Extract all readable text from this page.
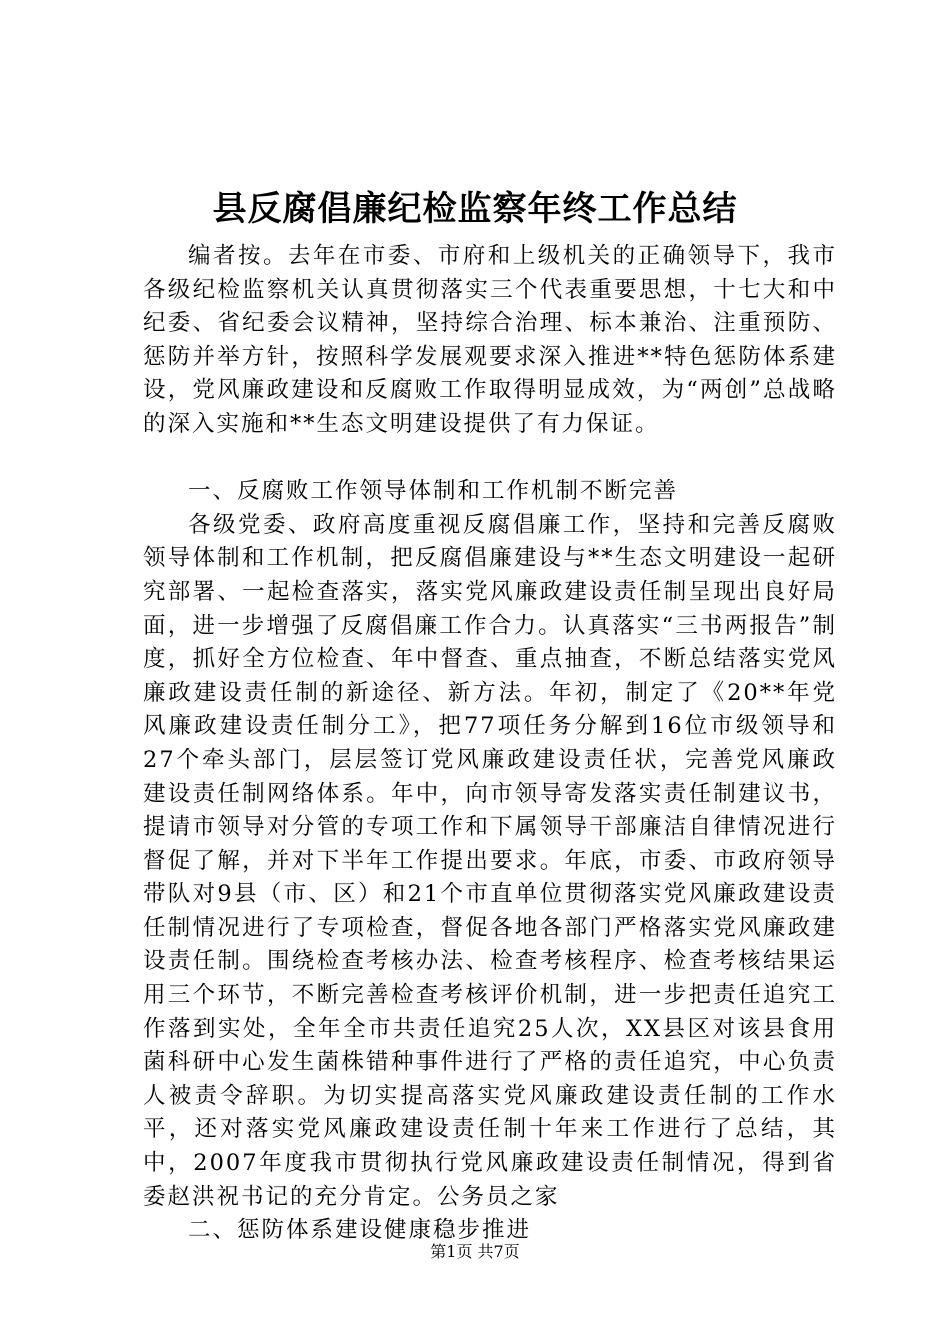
县反腐倡廉纪检监察年终工作总结

编者按。去年在市委、市府和上级机关的正确领导下，我市各级纪检监察机关认真贯彻落实三个代表重要思想，十七大和中纪委、省纪委会议精神，坚持综合治理、标本兼治、注重预防、惩防并举方针，按照科学发展观要求深入推进**特色惩防体系建设，党风廉政建设和反腐败工作取得明显成效，为“两创”总战略的深入实施和**生态文明建设提供了有力保证。

一、反腐败工作领导体制和工作机制不断完善

各级党委、政府高度重视反腐倡廉工作，坚持和完善反腐败领导体制和工作机制，把反腐倡廉建设与**生态文明建设一起研究部署、一起检查落实，落实党风廉政建设责任制呈现出良好局面，进一步增强了反腐倡廉工作合力。认真落实“三书两报告”制度，抓好全方位检查、年中督查、重点抽查，不断总结落实党风廉政建设责任制的新途径、新方法。年初，制定了《20**年党风廉政建设责任制分工》，把77项任务分解到16位市级领导和27个牵头部门，层层签订党风廉政建设责任状，完善党风廉政建设责任制网络体系。年中，向市领导寄发落实责任制建议书，提请市领导对分管的专项工作和下属领导干部廉洁自律情况进行督促了解，并对下半年工作提出要求。年底，市委、市政府领导带队对9县（市、区）和21个市直单位贯彻落实党风廉政建设责任制情况进行了专项检查，督促各地各部门严格落实党风廉政建设责任制。围绕检查考核办法、检查考核程序、检查考核结果运用三个环节，不断完善检查考核评价机制，进一步把责任追究工作落到实处，全年全市共责任追究25人次，XX县区对该县食用菌科研中心发生菌株错种事件进行了严格的责任追究，中心负责人被责令辞职。为切实提高落实党风廉政建设责任制的工作水平，还对落实党风廉政建设责任制十年来工作进行了总结，其中，2007年度我市贯彻执行党风廉政建设责任制情况，得到省委赵洪祝书记的充分肯定。公务员之家

二、惩防体系建设健康稳步推进

第1页 共7页
